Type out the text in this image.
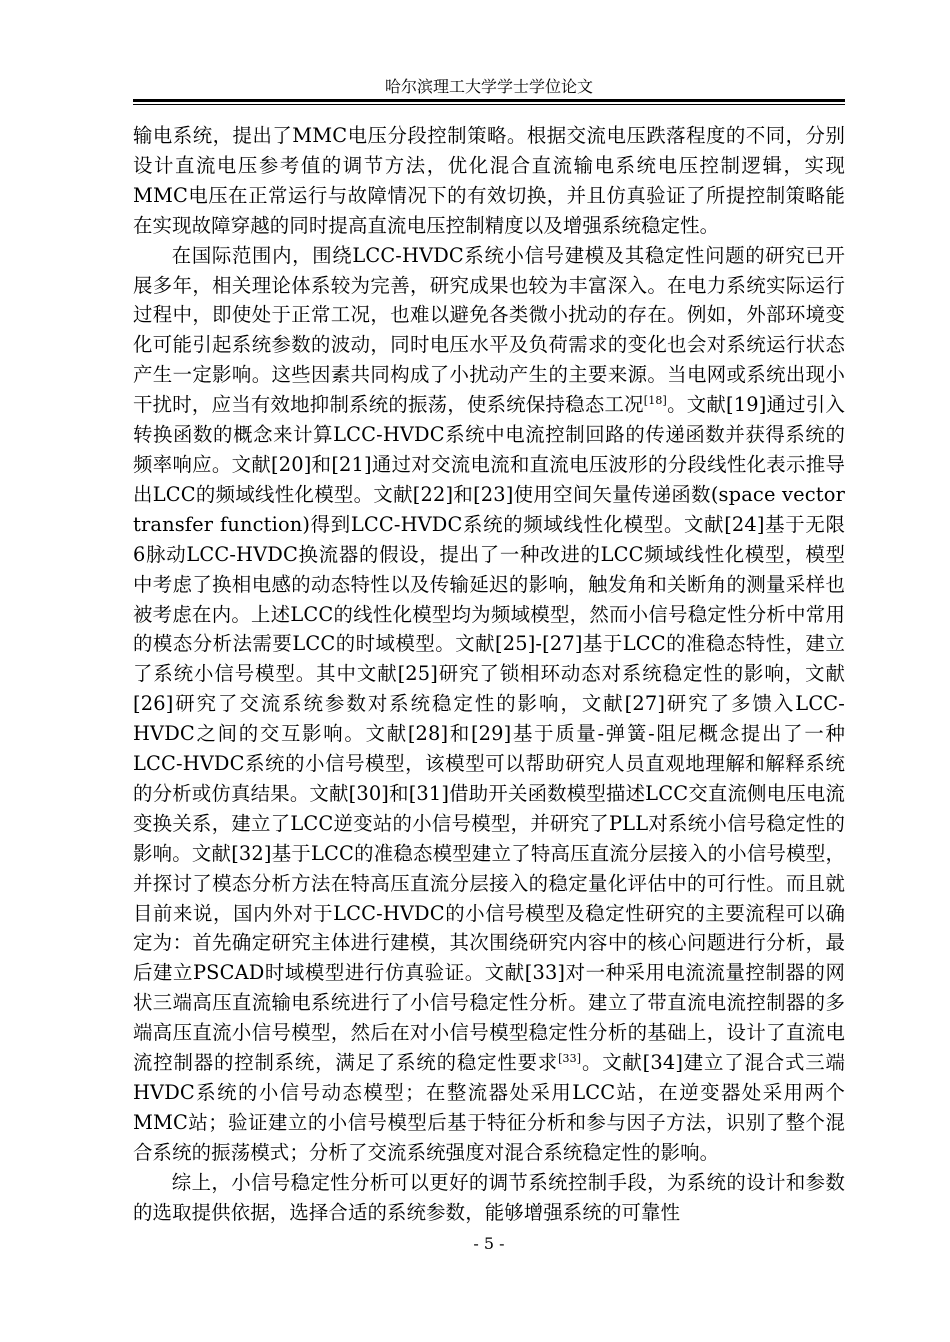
哈尔滨理工大学学士学位论文

输电系统，提出了MMC电压分段控制策略。根据交流电压跌落程度的不同，分别设计直流电压参考值的调节方法，优化混合直流输电系统电压控制逻辑，实现MMC电压在正常运行与故障情况下的有效切换，并且仿真验证了所提控制策略能在实现故障穿越的同时提高直流电压控制精度以及增强系统稳定性。

在国际范围内，围绕LCC-HVDC系统小信号建模及其稳定性问题的研究已开展多年，相关理论体系较为完善，研究成果也较为丰富深入。在电力系统实际运行过程中，即使处于正常工况，也难以避免各类微小扰动的存在。例如，外部环境变化可能引起系统参数的波动，同时电压水平及负荷需求的变化也会对系统运行状态产生一定影响。这些因素共同构成了小扰动产生的主要来源。当电网或系统出现小干扰时，应当有效地抑制系统的振荡，使系统保持稳态工况[18]。文献[19]通过引入转换函数的概念来计算LCC-HVDC系统中电流控制回路的传递函数并获得系统的频率响应。文献[20]和[21]通过对交流电流和直流电压波形的分段线性化表示推导出LCC的频域线性化模型。文献[22]和[23]使用空间矢量传递函数(space vector transfer function)得到LCC-HVDC系统的频域线性化模型。文献[24]基于无限6脉动LCC-HVDC换流器的假设，提出了一种改进的LCC频域线性化模型，模型中考虑了换相电感的动态特性以及传输延迟的影响，触发角和关断角的测量采样也被考虑在内。上述LCC的线性化模型均为频域模型，然而小信号稳定性分析中常用的模态分析法需要LCC的时域模型。文献[25]-[27]基于LCC的准稳态特性，建立了系统小信号模型。其中文献[25]研究了锁相环动态对系统稳定性的影响，文献[26]研究了交流系统参数对系统稳定性的影响，文献[27]研究了多馈入LCC-HVDC之间的交互影响。文献[28]和[29]基于质量-弹簧-阻尼概念提出了一种LCC-HVDC系统的小信号模型，该模型可以帮助研究人员直观地理解和解释系统的分析或仿真结果。文献[30]和[31]借助开关函数模型描述LCC交直流侧电压电流变换关系，建立了LCC逆变站的小信号模型，并研究了PLL对系统小信号稳定性的影响。文献[32]基于LCC的准稳态模型建立了特高压直流分层接入的小信号模型，并探讨了模态分析方法在特高压直流分层接入的稳定量化评估中的可行性。而且就目前来说，国内外对于LCC-HVDC的小信号模型及稳定性研究的主要流程可以确定为：首先确定研究主体进行建模，其次围绕研究内容中的核心问题进行分析，最后建立PSCAD时域模型进行仿真验证。文献[33]对一种采用电流流量控制器的网状三端高压直流输电系统进行了小信号稳定性分析。建立了带直流电流控制器的多端高压直流小信号模型，然后在对小信号模型稳定性分析的基础上，设计了直流电流控制器的控制系统，满足了系统的稳定性要求[33]。文献[34]建立了混合式三端HVDC系统的小信号动态模型；在整流器处采用LCC站，在逆变器处采用两个MMC站；验证建立的小信号模型后基于特征分析和参与因子方法，识别了整个混合系统的振荡模式；分析了交流系统强度对混合系统稳定性的影响。

综上，小信号稳定性分析可以更好的调节系统控制手段，为系统的设计和参数的选取提供依据，选择合适的系统参数，能够增强系统的可靠性

- 5 -
